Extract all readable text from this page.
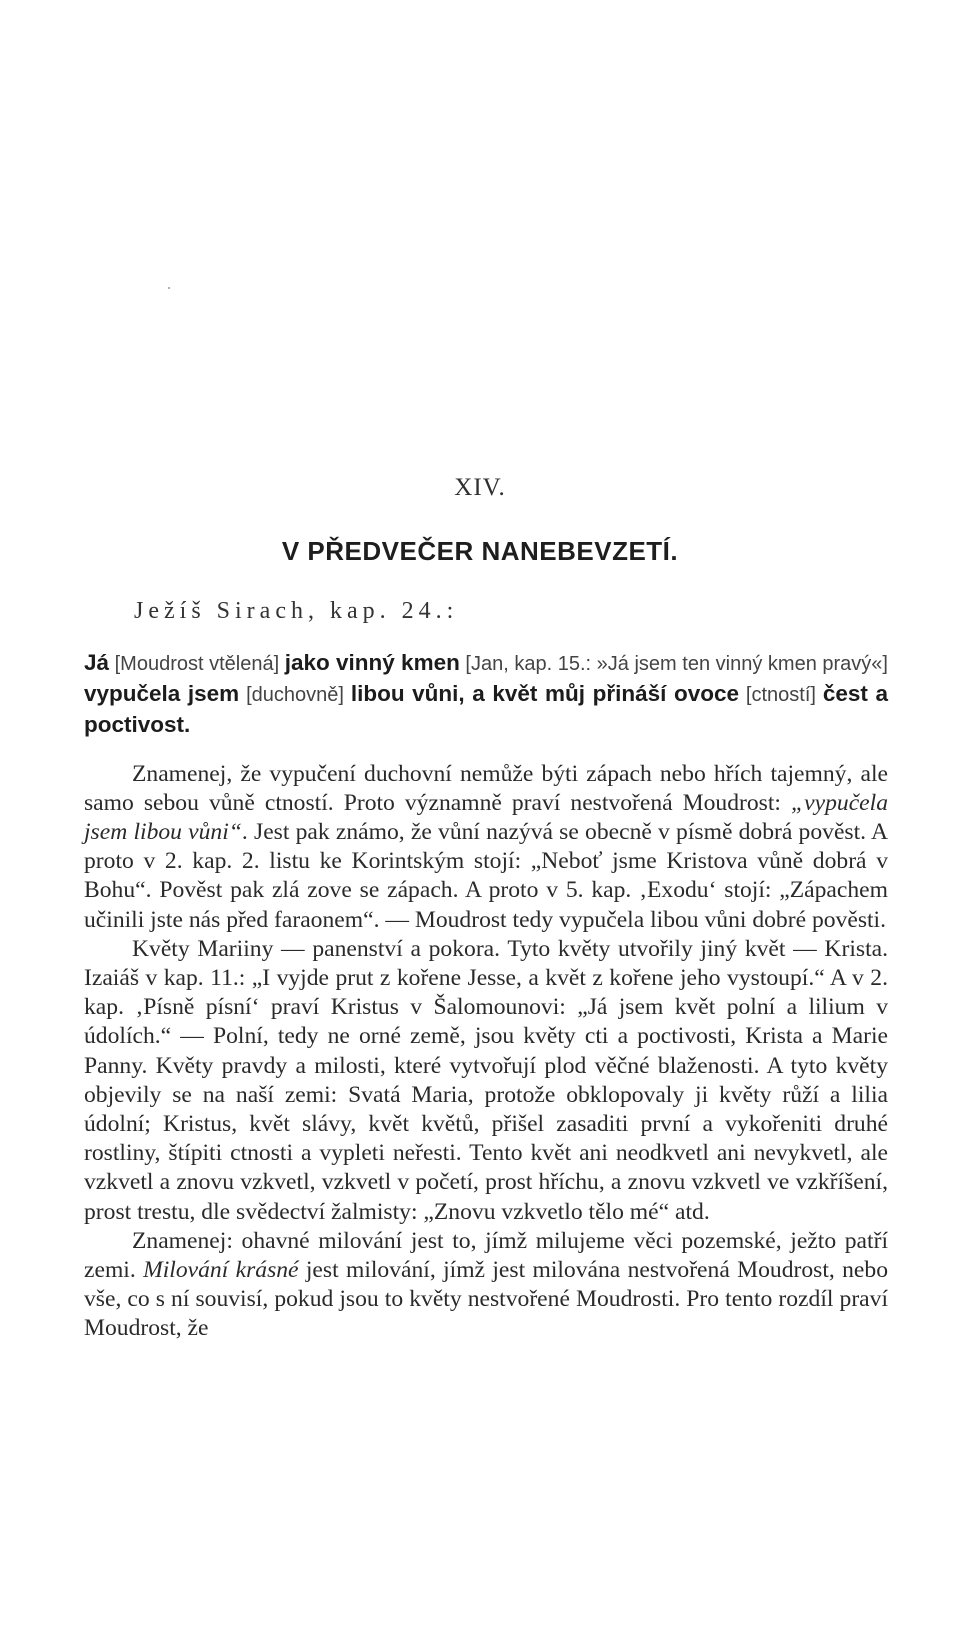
XIV.
V PŘEDVEČER NANEBEVZETÍ.
Ježíš Sirach, kap. 24.:

Já [Moudrost vtělená] jako vinný kmen [Jan, kap. 15.: »Já jsem ten vinný kmen pravý«] vypučela jsem [duchovně] libou vůni, a květ můj přináší ovoce [ctností] čest a poctivost.

Znamenej, že vypučení duchovní nemůže býti zápach nebo hřích tajemný, ale samo sebou vůně ctností. Proto významně praví nestvořená Moudrost: „vypučela jsem libou vůni“. Jest pak známo, že vůní nazývá se obecně v písmě dobrá pověst. A proto v 2. kap. 2. listu ke Korintským stojí: „Neboť jsme Kristova vůně dobrá v Bohu“. Pověst pak zlá zove se zápach. A proto v 5. kap. ‚Exodu‘ stojí: „Zápachem učinili jste nás před faraonem“. — Moudrost tedy vypučela libou vůni dobré pověsti.

Květy Mariiny — panenství a pokora. Tyto květy utvořily jiný květ — Krista. Izaiáš v kap. 11.: „I vyjde prut z kořene Jesse, a květ z kořene jeho vystoupí.“ A v 2. kap. ‚Písně písní‘ praví Kristus v Šalomounovi: „Já jsem květ polní a lilium v údolích.“ — Polní, tedy ne orné země, jsou květy cti a poctivosti, Krista a Marie Panny. Květy pravdy a milosti, které vytvořují plod věčné blaženosti. A tyto květy objevily se na naší zemi: Svatá Maria, protože obklopovaly ji květy růží a lilia údolní; Kristus, květ slávy, květ květů, přišel zasaditi první a vykořeniti druhé rostliny, štípiti ctnosti a vypleti neřesti. Tento květ ani neodkvetl ani nevykvetl, ale vzkvetl a znovu vzkvetl, vzkvetl v početí, prost hříchu, a znovu vzkvetl ve vzkříšení, prost trestu, dle svědectví žalmisty: „Znovu vzkvetlo tělo mé“ atd.

Znamenej: ohavné milování jest to, jímž milujeme věci pozemské, ježto patří zemi. Milování krásné jest milování, jímž jest milována nestvořená Moudrost, nebo vše, co s ní souvisí, pokud jsou to květy nestvořené Moudrosti. Pro tento rozdíl praví Moudrost, že
